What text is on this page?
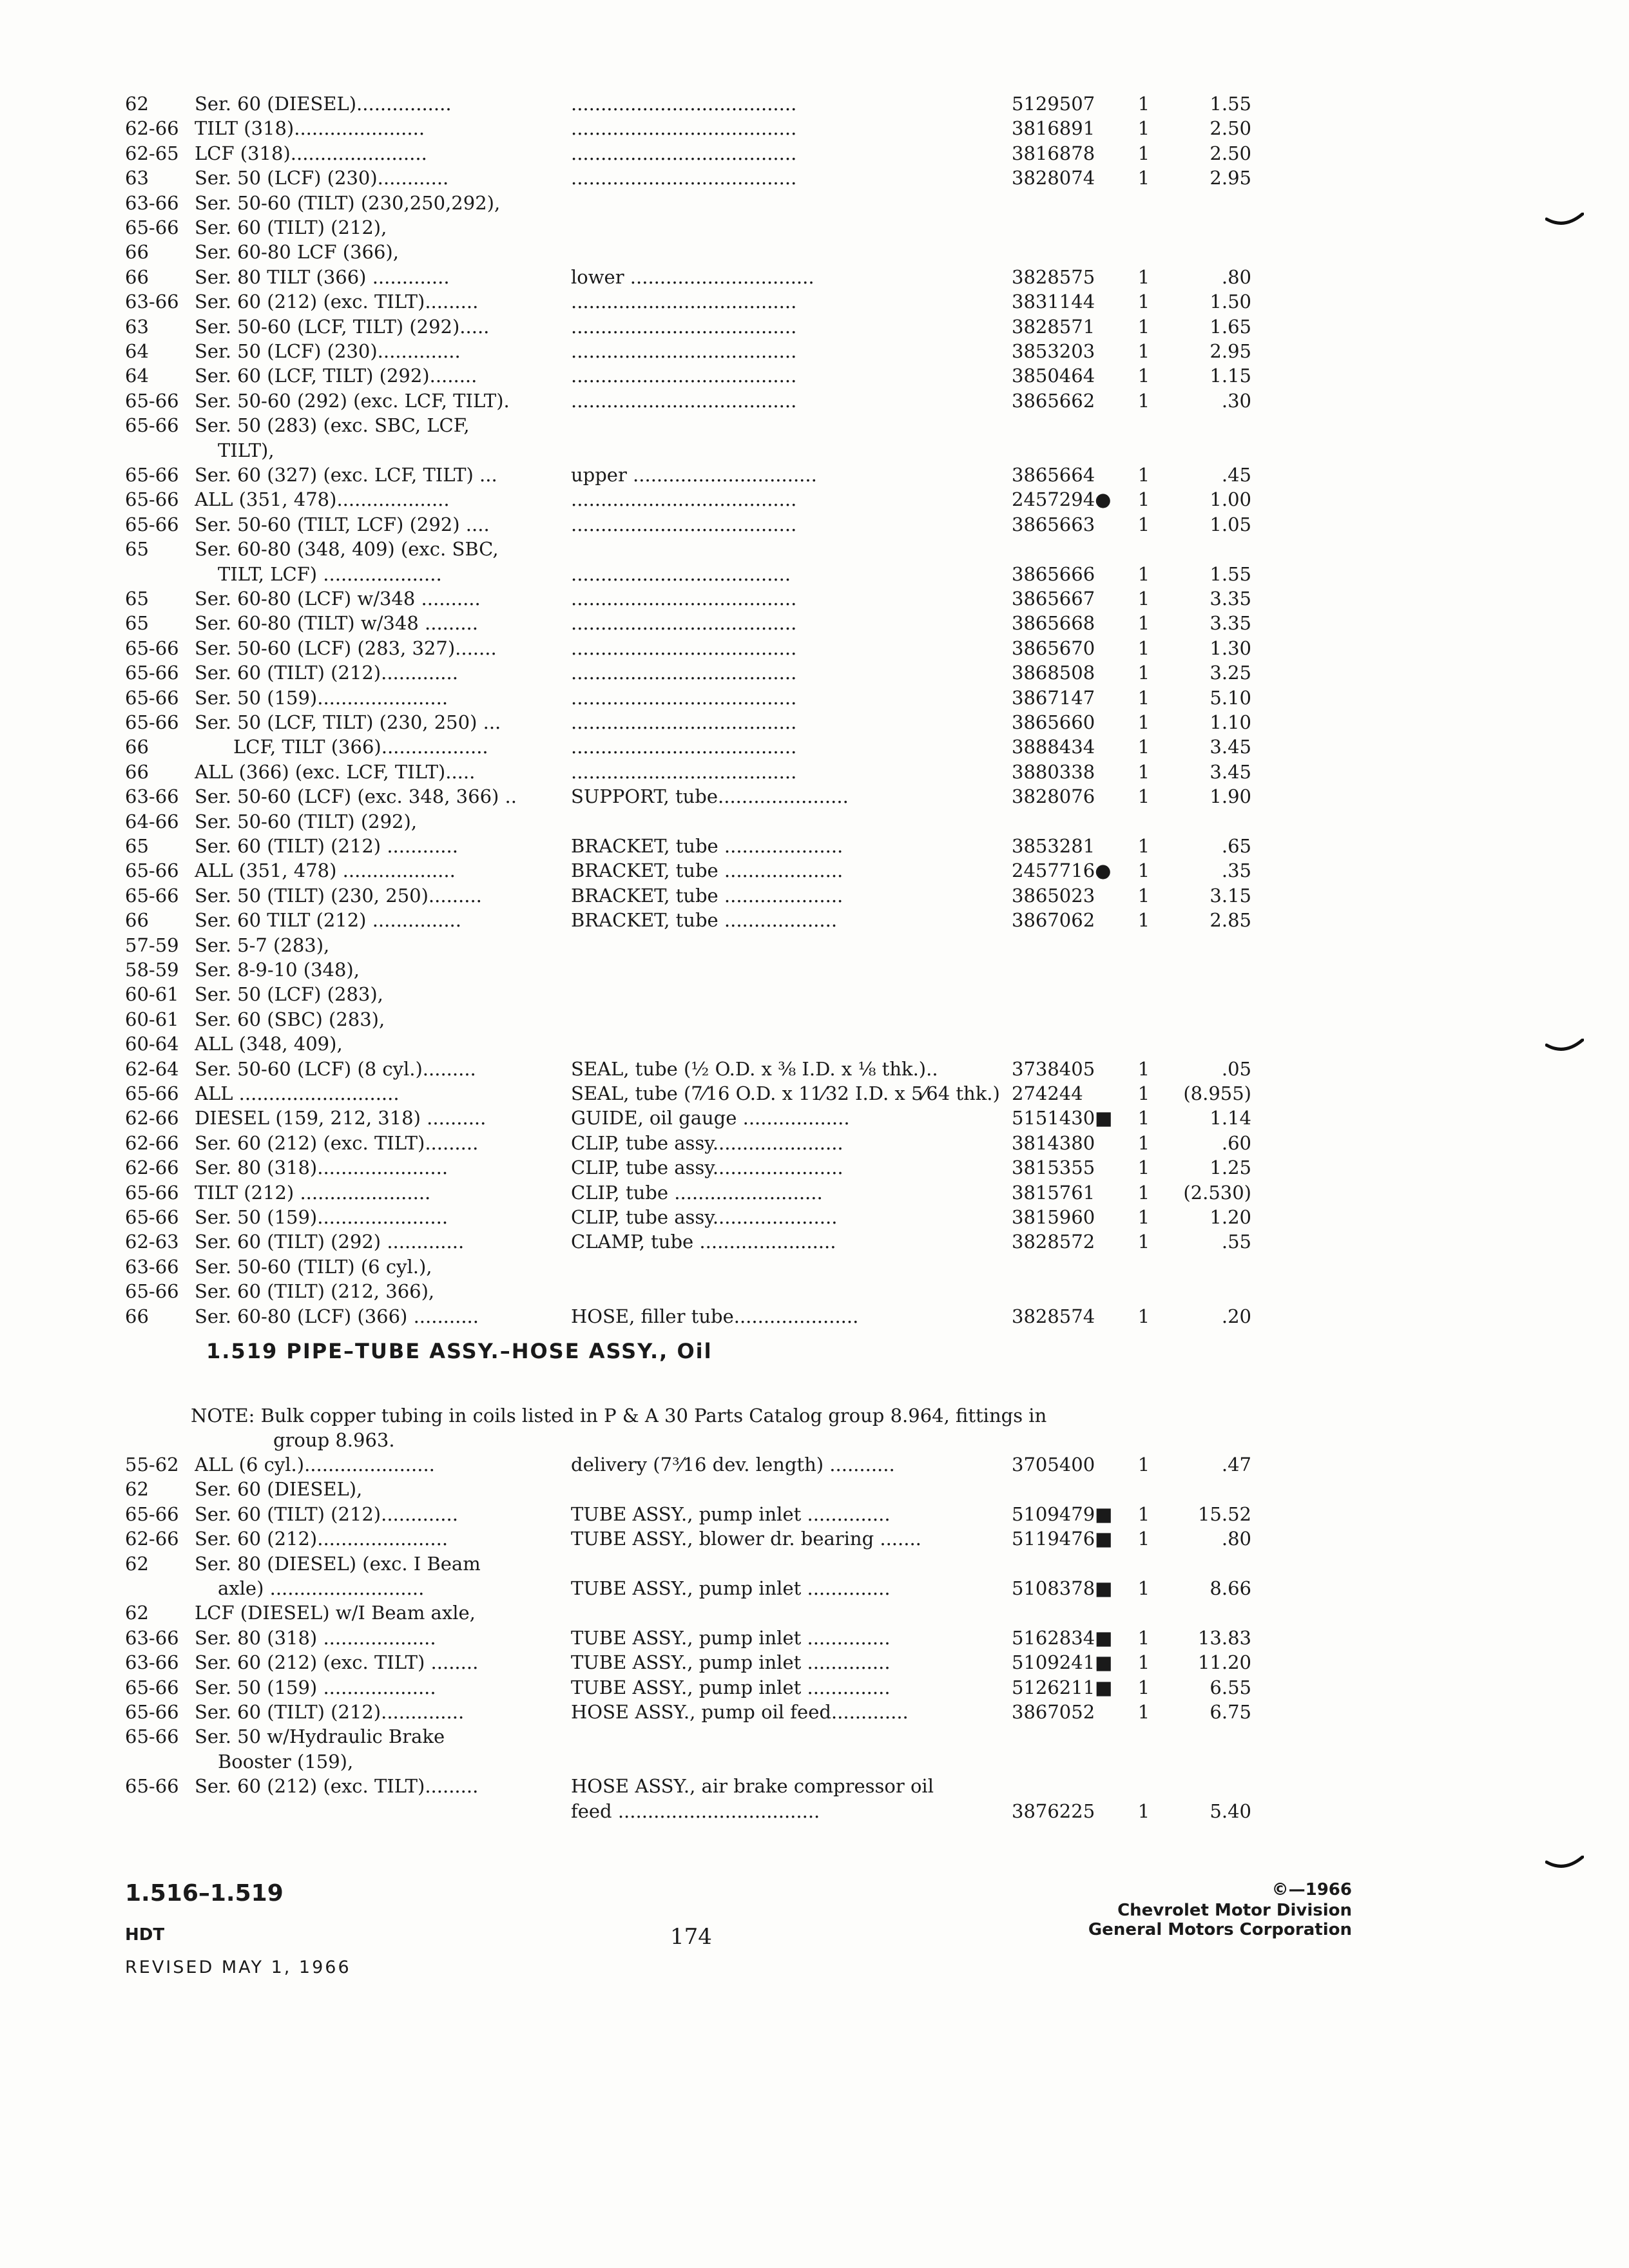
62	Ser. 60 (DIESEL)................	......................................	5129507	1	1.55
62-66 TILT (318)......................	......................................	3816891	1	2.50
62-65 LCF (318).......................	......................................	3816878	1	2.50
63	Ser. 50 (LCF) (230)............	......................................	3828074	1	2.95
63-66 Ser. 50-60 (TILT) (230,250,292),
65-66 Ser. 60 (TILT) (212),
66	Ser. 60-80 LCF (366),
66	Ser. 80 TILT (366) .............	lower ...............................	3828575	1	.80
63-66 Ser. 60 (212) (exc. TILT).........	......................................	3831144	1	1.50
63	Ser. 50-60 (LCF, TILT) (292).....	......................................	3828571	1	1.65
64	Ser. 50 (LCF) (230)..............	......................................	3853203	1	2.95
64	Ser. 60 (LCF, TILT) (292)........	......................................	3850464	1	1.15
65-66 Ser. 50-60 (292) (exc. LCF, TILT).	......................................	3865662	1	.30
65-66 Ser. 50 (283) (exc. SBC, LCF,
TILT),
65-66 Ser. 60 (327) (exc. LCF, TILT) ...	upper ...............................	3865664	1	.45
65-66 ALL (351, 478)...................	......................................	2457294● 1	1.00
65-66 Ser. 50-60 (TILT, LCF) (292) ....	......................................	3865663	1	1.05
65	Ser. 60-80 (348, 409) (exc. SBC,
TILT, LCF) ....................	.....................................	3865666	1	1.55
65	Ser. 60-80 (LCF) w/348 ..........	......................................	3865667	1	3.35
65	Ser. 60-80 (TILT) w/348 .........	......................................	3865668	1	3.35
65-66 Ser. 50-60 (LCF) (283, 327).......	......................................	3865670	1	1.30
65-66 Ser. 60 (TILT) (212).............	......................................	3868508	1	3.25
65-66 Ser. 50 (159)......................	......................................	3867147	1	5.10
65-66 Ser. 50 (LCF, TILT) (230, 250) ...	......................................	3865660	1	1.10
66	LCF, TILT (366)..................	......................................	3888434	1	3.45
66	ALL (366) (exc. LCF, TILT).....	......................................	3880338	1	3.45
63-66 Ser. 50-60 (LCF) (exc. 348, 366) ..	SUPPORT, tube......................	3828076	1	1.90
64-66 Ser. 50-60 (TILT) (292),
65	Ser. 60 (TILT) (212) ............	BRACKET, tube ....................	3853281	1	.65
65-66 ALL (351, 478) ...................	BRACKET, tube ....................	2457716● 1	.35
65-66 Ser. 50 (TILT) (230, 250).........	BRACKET, tube ....................	3865023	1	3.15
66	Ser. 60 TILT (212) ...............	BRACKET, tube ...................	3867062	1	2.85
57-59 Ser. 5-7 (283),
58-59 Ser. 8-9-10 (348),
60-61 Ser. 50 (LCF) (283),
60-61 Ser. 60 (SBC) (283),
60-64 ALL (348, 409),
62-64 Ser. 50-60 (LCF) (8 cyl.).........	SEAL, tube (½ O.D. x ⅜ I.D. x ⅛ thk.)..	3738405	1	.05
65-66 ALL ...........................	SEAL, tube (7⁄16 O.D. x 11⁄32 I.D. x 5⁄64 thk.) 274244	1	(8.955)
62-66 DIESEL (159, 212, 318) ..........	GUIDE, oil gauge ..................	5151430■ 1	1.14
62-66 Ser. 60 (212) (exc. TILT).........	CLIP, tube assy......................	3814380	1	.60
62-66 Ser. 80 (318)......................	CLIP, tube assy......................	3815355	1	1.25
65-66 TILT (212) ......................	CLIP, tube .........................	3815761	1	(2.530)
65-66 Ser. 50 (159)......................	CLIP, tube assy.....................	3815960	1	1.20
62-63 Ser. 60 (TILT) (292) .............	CLAMP, tube .......................	3828572	1	.55
63-66 Ser. 50-60 (TILT) (6 cyl.),
65-66 Ser. 60 (TILT) (212, 366),
66	Ser. 60-80 (LCF) (366) ...........	HOSE, filler tube.....................	3828574	1	.20
1.519 PIPE–TUBE ASSY.–HOSE ASSY., Oil
NOTE: Bulk copper tubing in coils listed in P & A 30 Parts Catalog group 8.964, fittings in
group 8.963.
55-62 ALL (6 cyl.)......................	delivery (7³⁄16 dev. length) ...........	3705400	1	.47
62	Ser. 60 (DIESEL),
65-66 Ser. 60 (TILT) (212).............	TUBE ASSY., pump inlet ..............	5109479■ 1	15.52
62-66 Ser. 60 (212)......................	TUBE ASSY., blower dr. bearing .......	5119476■ 1	.80
62	Ser. 80 (DIESEL) (exc. I Beam
axle) ..........................	TUBE ASSY., pump inlet ..............	5108378■ 1	8.66
62	LCF (DIESEL) w/I Beam axle,
63-66 Ser. 80 (318) ...................	TUBE ASSY., pump inlet ..............	5162834■ 1	13.83
63-66 Ser. 60 (212) (exc. TILT) ........	TUBE ASSY., pump inlet ..............	5109241■ 1	11.20
65-66 Ser. 50 (159) ...................	TUBE ASSY., pump inlet ..............	5126211■ 1	6.55
65-66 Ser. 60 (TILT) (212)..............	HOSE ASSY., pump oil feed.............	3867052	1	6.75
65-66 Ser. 50 w/Hydraulic Brake
Booster (159),
65-66 Ser. 60 (212) (exc. TILT).........	HOSE ASSY., air brake compressor oil
feed ..................................	3876225	1	5.40
1.516–1.519
HDT
REVISED MAY 1, 1966
174
©—1966
Chevrolet Motor Division
General Motors Corporation
